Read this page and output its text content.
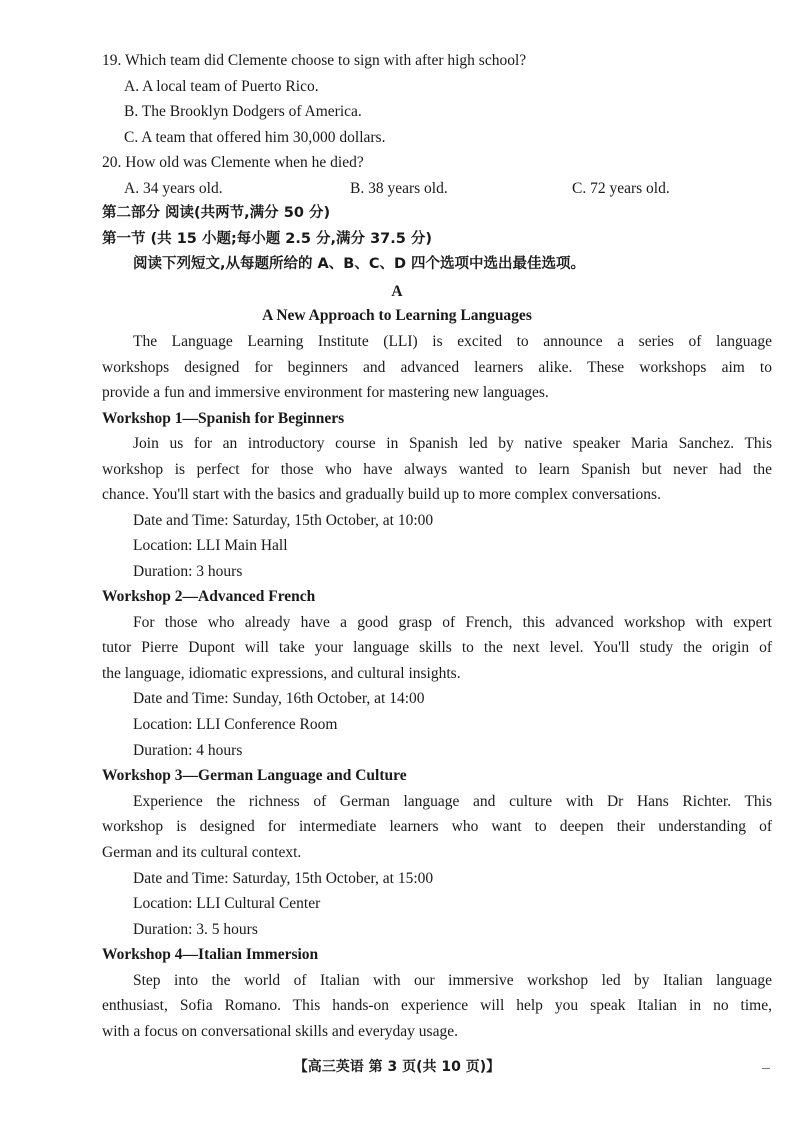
19. Which team did Clemente choose to sign with after high school?
A. A local team of Puerto Rico.
B. The Brooklyn Dodgers of America.
C. A team that offered him 30,000 dollars.
20. How old was Clemente when he died?
A. 34 years old.	B. 38 years old.	C. 72 years old.
第二部分 阅读(共两节,满分 50 分)
第一节 (共 15 小题;每小题 2.5 分,满分 37.5 分)
阅读下列短文,从每题所给的 A、B、C、D 四个选项中选出最佳选项。
A
A New Approach to Learning Languages
The Language Learning Institute (LLI) is excited to announce a series of language
workshops designed for beginners and advanced learners alike. These workshops aim to
provide a fun and immersive environment for mastering new languages.
Workshop 1—Spanish for Beginners
Join us for an introductory course in Spanish led by native speaker Maria Sanchez. This
workshop is perfect for those who have always wanted to learn Spanish but never had the
chance. You'll start with the basics and gradually build up to more complex conversations.
Date and Time: Saturday, 15th October, at 10:00
Location: LLI Main Hall
Duration: 3 hours
Workshop 2—Advanced French
For those who already have a good grasp of French, this advanced workshop with expert
tutor Pierre Dupont will take your language skills to the next level. You'll study the origin of
the language, idiomatic expressions, and cultural insights.
Date and Time: Sunday, 16th October, at 14:00
Location: LLI Conference Room
Duration: 4 hours
Workshop 3—German Language and Culture
Experience the richness of German language and culture with Dr Hans Richter. This
workshop is designed for intermediate learners who want to deepen their understanding of
German and its cultural context.
Date and Time: Saturday, 15th October, at 15:00
Location: LLI Cultural Center
Duration: 3. 5 hours
Workshop 4—Italian Immersion
Step into the world of Italian with our immersive workshop led by Italian language
enthusiast, Sofia Romano. This hands-on experience will help you speak Italian in no time,
with a focus on conversational skills and everyday usage.
【高三英语 第 3 页(共 10 页)】
